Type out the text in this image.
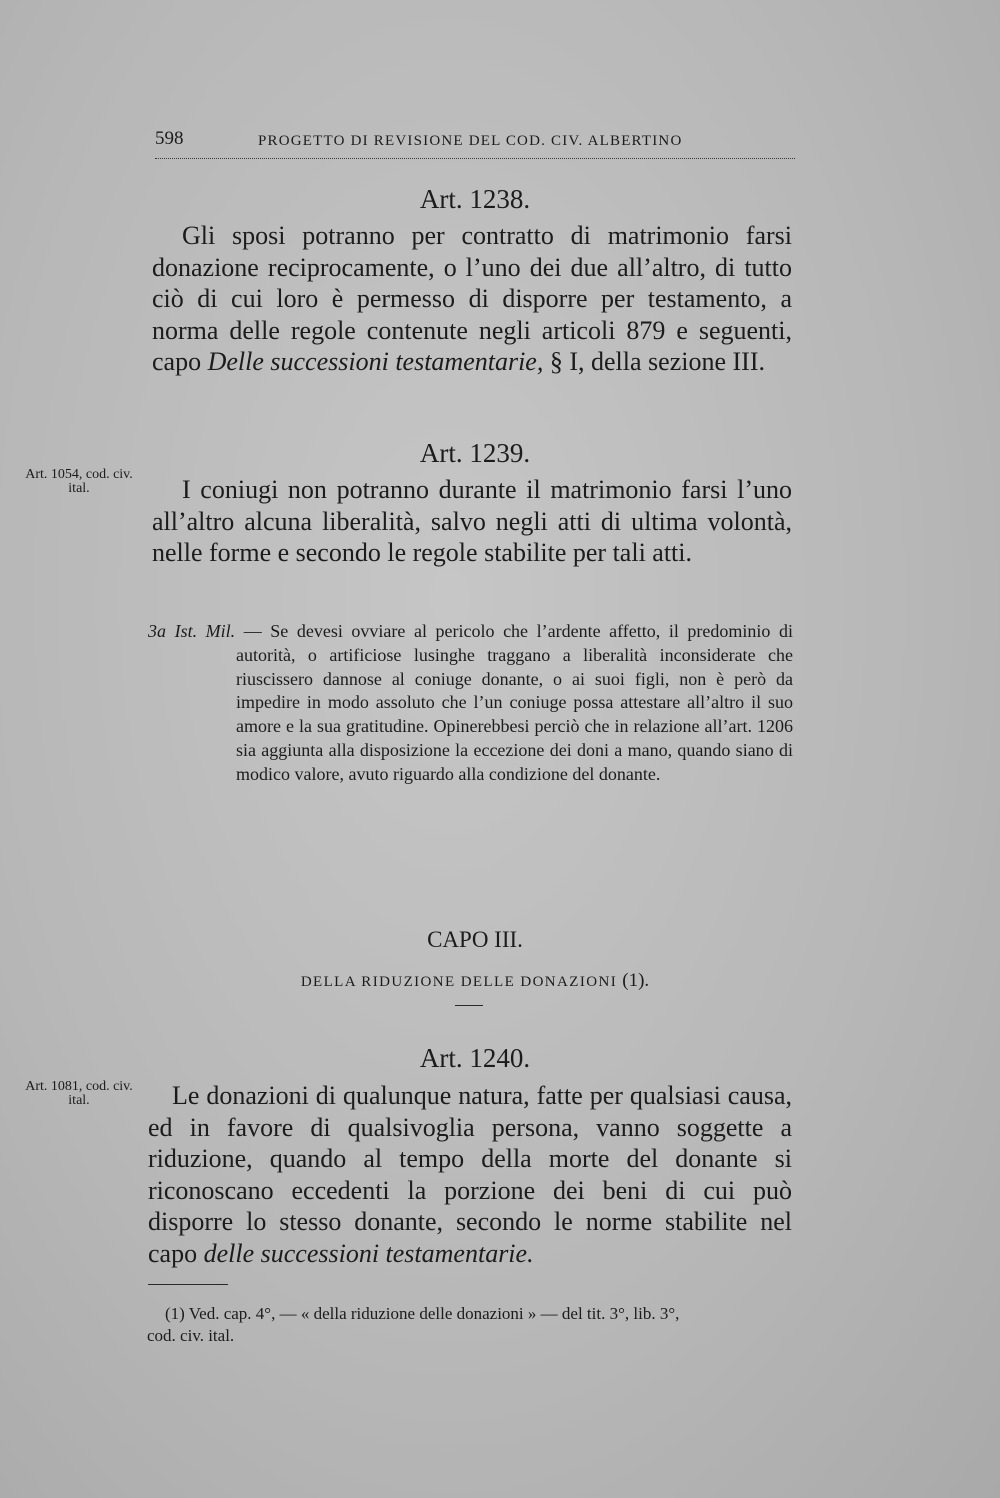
598	PROGETTO DI REVISIONE DEL COD. CIV. ALBERTINO
Art. 1238.

Gli sposi potranno per contratto di matrimonio farsi donazione reciprocamente, o l’uno dei due all’altro, di tutto ciò di cui loro è permesso di disporre per testamento, a norma delle regole contenute negli articoli 879 e seguenti, capo Delle successioni testamentarie, § I, della sezione III.

Art. 1239.
Art. 1054, cod. civ. ital.	I coniugi non potranno durante il matrimonio farsi l’uno all’altro alcuna liberalità, salvo negli atti di ultima volontà, nelle forme e secondo le regole stabilite per tali atti.

3a Ist. Mil. — Se devesi ovviare al pericolo che l’ardente affetto, il predominio di autorità, o artificiose lusinghe traggano a liberalità inconsiderate che riuscissero dannose al coniuge donante, o ai suoi figli, non è però da impedire in modo assoluto che l’un coniuge possa attestare all’altro il suo amore e la sua gratitudine. Opinerebbesi perciò che in relazione all’art. 1206 sia aggiunta alla disposizione la eccezione dei doni a mano, quando siano di modico valore, avuto riguardo alla condizione del donante.

CAPO III.
DELLA RIDUZIONE DELLE DONAZIONI (1).
Art. 1240.
Art. 1081, cod. civ. ital.	Le donazioni di qualunque natura, fatte per qualsiasi causa, ed in favore di qualsivoglia persona, vanno soggette a riduzione, quando al tempo della morte del donante si riconoscano eccedenti la porzione dei beni di cui può disporre lo stesso donante, secondo le norme stabilite nel capo delle successioni testamentarie.

(1) Ved. cap. 4°, — « della riduzione delle donazioni » — del tit. 3°, lib. 3°,

cod. civ. ital.
